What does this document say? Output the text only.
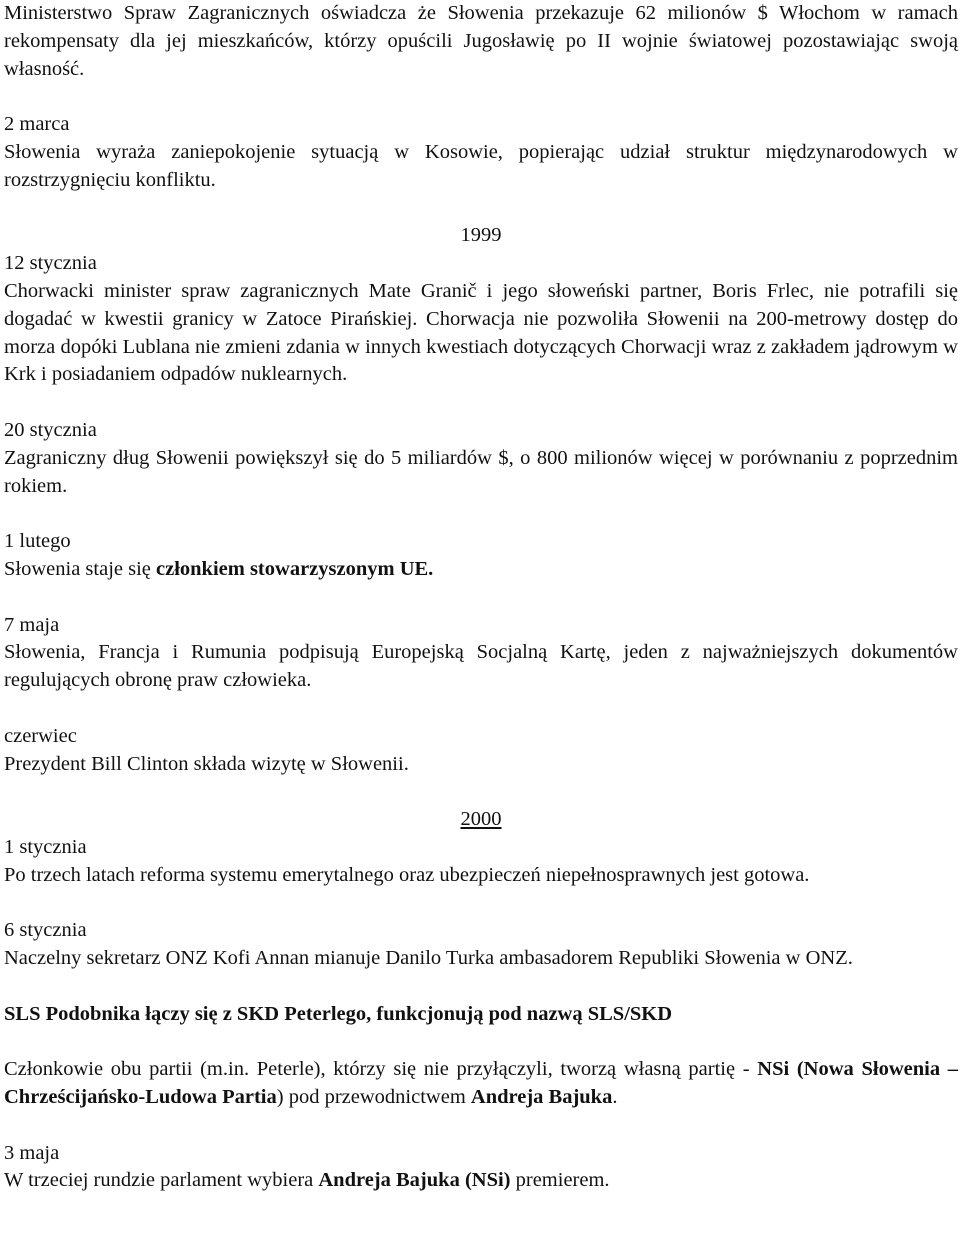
Ministerstwo Spraw Zagranicznych oświadcza że Słowenia przekazuje 62 milionów $ Włochom w ramach rekompensaty dla jej mieszkańców, którzy opuścili Jugosławię po II wojnie światowej pozostawiając swoją własność.

2 marca

Słowenia wyraża zaniepokojenie sytuacją w Kosowie, popierając udział struktur międzynarodowych w rozstrzygnięciu konfliktu.

1999

12 stycznia

Chorwacki minister spraw zagranicznych Mate Granič i jego słoweński partner, Boris Frlec, nie potrafili się dogadać w kwestii granicy w Zatoce Pirańskiej. Chorwacja nie pozwoliła Słowenii na 200-metrowy dostęp do morza dopóki Lublana nie zmieni zdania w innych kwestiach dotyczących Chorwacji wraz z zakładem jądrowym w Krk i posiadaniem odpadów nuklearnych.

20 stycznia

Zagraniczny dług Słowenii powiększył się do 5 miliardów $, o 800 milionów więcej w porównaniu z poprzednim rokiem.

1 lutego

Słowenia staje się członkiem stowarzyszonym UE.

7 maja

Słowenia, Francja i Rumunia podpisują Europejską Socjalną Kartę, jeden z najważniejszych dokumentów regulujących obronę praw człowieka.

czerwiec

Prezydent Bill Clinton składa wizytę w Słowenii.

2000

1 stycznia

Po trzech latach reforma systemu emerytalnego oraz ubezpieczeń niepełnosprawnych jest gotowa.

6 stycznia

Naczelny sekretarz ONZ Kofi Annan mianuje Danilo Turka ambasadorem Republiki Słowenia w ONZ.

SLS Podobnika łączy się z SKD Peterlego, funkcjonują pod nazwą SLS/SKD

Członkowie obu partii (m.in. Peterle), którzy się nie przyłączyli, tworzą własną partię - NSi (Nowa Słowenia – Chrześcijańsko-Ludowa Partia) pod przewodnictwem Andreja Bajuka.

3 maja

W trzeciej rundzie parlament wybiera Andreja Bajuka (NSi) premierem.
